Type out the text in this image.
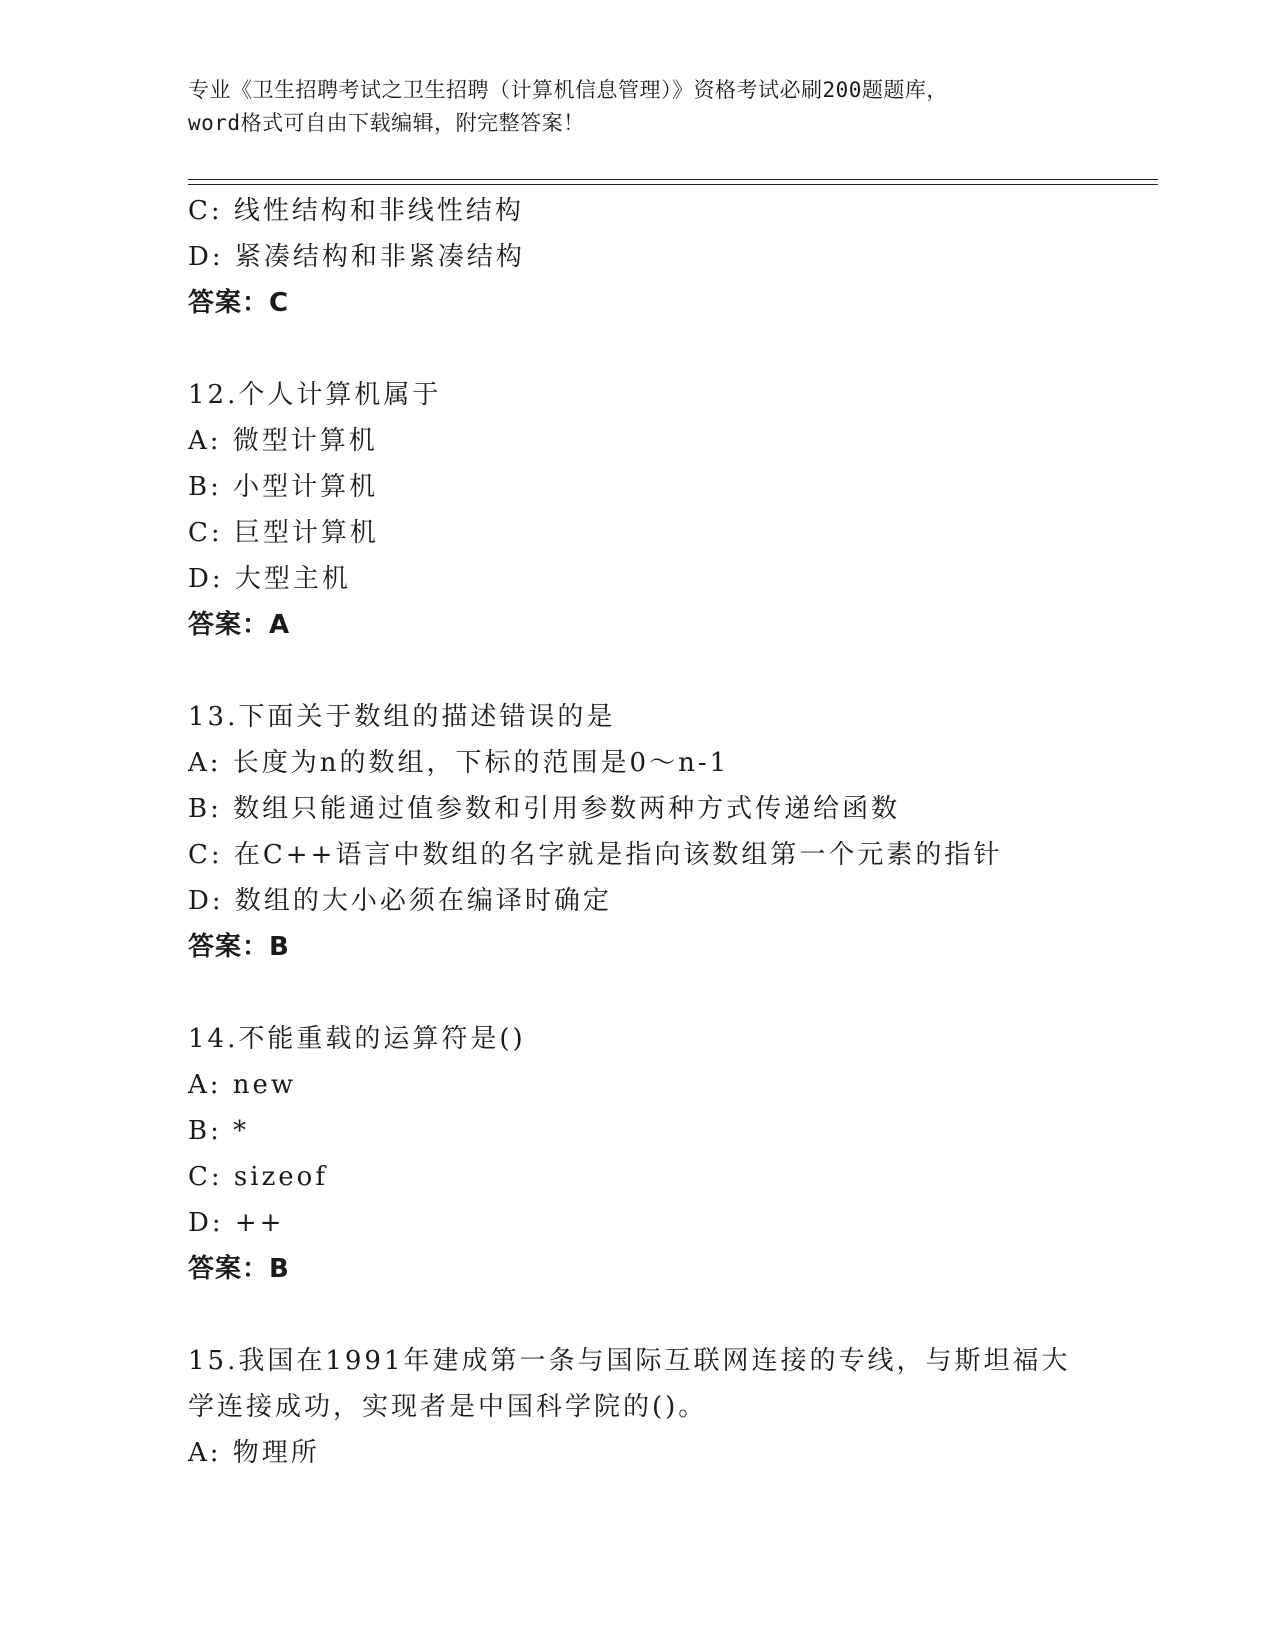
专业《卫生招聘考试之卫生招聘（计算机信息管理）》资格考试必刷200题题库，
word格式可自由下载编辑，附完整答案！
C: 线性结构和非线性结构
D: 紧凑结构和非紧凑结构
答案：C
12.个人计算机属于
A: 微型计算机
B: 小型计算机
C: 巨型计算机
D: 大型主机
答案：A
13.下面关于数组的描述错误的是
A: 长度为n的数组，下标的范围是0～n-1
B: 数组只能通过值参数和引用参数两种方式传递给函数
C: 在C++语言中数组的名字就是指向该数组第一个元素的指针
D: 数组的大小必须在编译时确定
答案：B
14.不能重载的运算符是()
A: new
B: *
C: sizeof
D: ++
答案：B
15.我国在1991年建成第一条与国际互联网连接的专线，与斯坦福大
学连接成功，实现者是中国科学院的()。
A: 物理所
